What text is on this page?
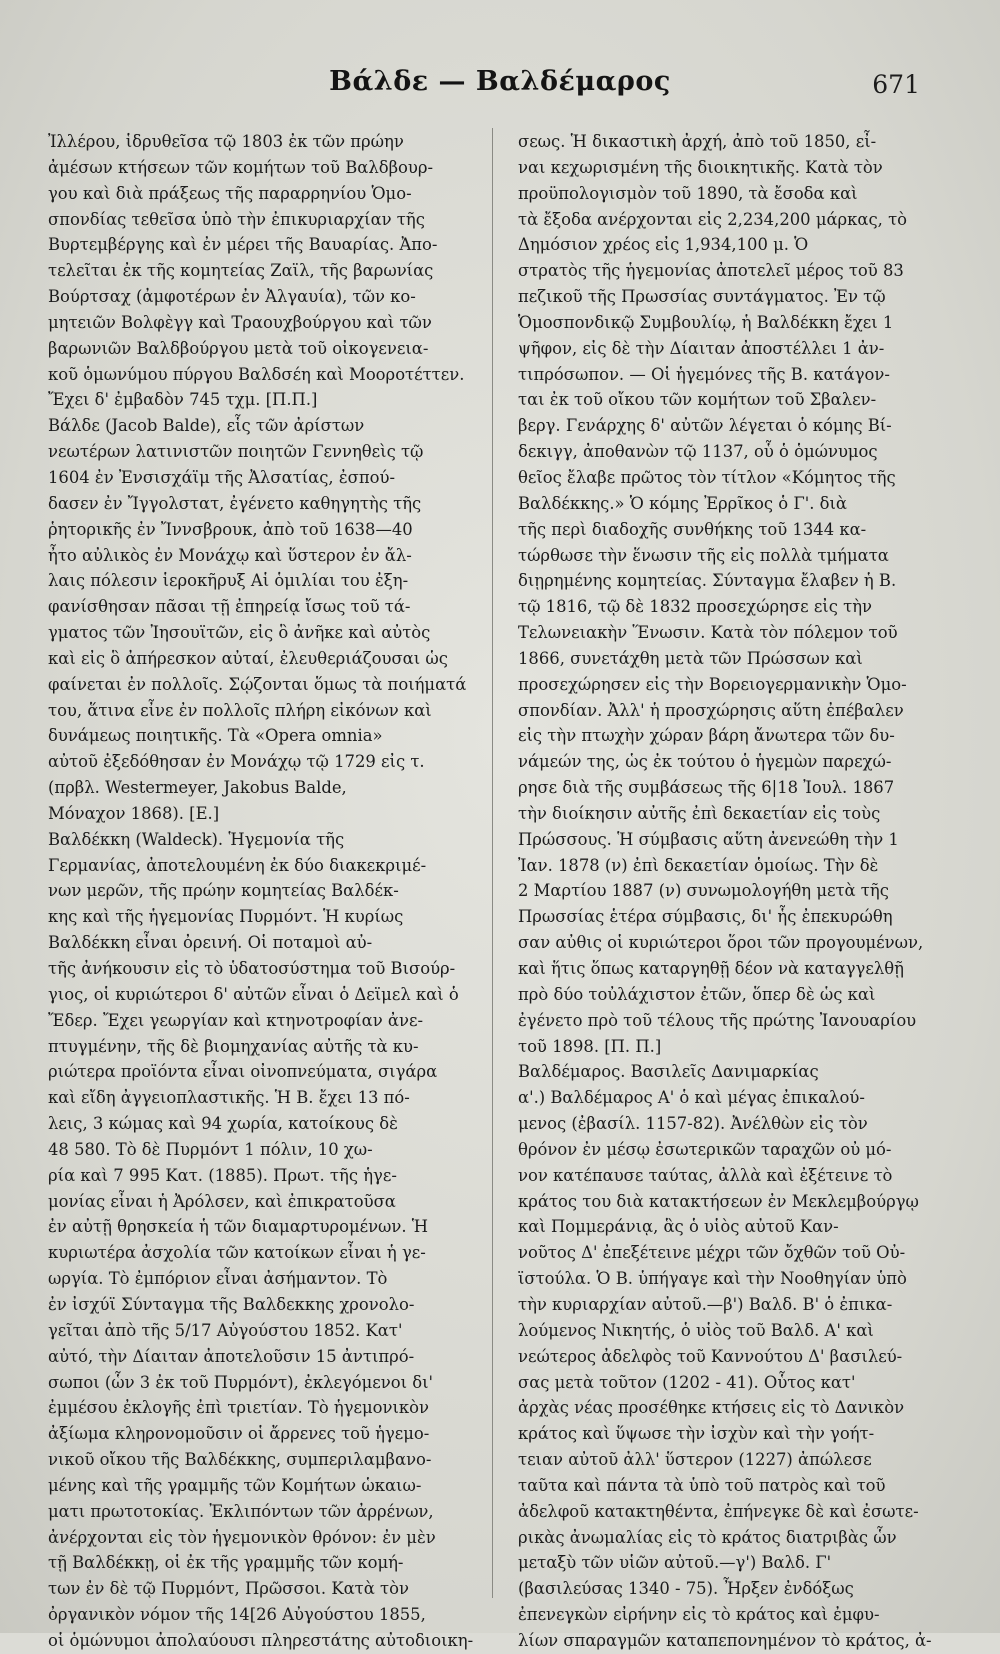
Βάλδε — Βαλδέμαρος	671
Ἰλλέρου, ἱδρυθεῖσα τῷ 1803 ἐκ τῶν πρώην
ἀμέσων κτήσεων τῶν κομήτων τοῦ Βαλδβουρ-
γου καὶ διὰ πράξεως τῆς παραρρηνίου Ὁμο-
σπονδίας τεθεῖσα ὑπὸ τὴν ἐπικυριαρχίαν τῆς
Βυρτεμβέργης καὶ ἐν μέρει τῆς Βαυαρίας. Ἀπο-
τελεῖται ἐκ τῆς κομητείας Ζαϊλ, τῆς βαρωνίας
Βούρτσαχ (ἀμφοτέρων ἐν Ἀλγαυία), τῶν κο-
μητειῶν Βολφὲγγ καὶ Τραουχβούργου καὶ τῶν
βαρωνιῶν Βαλδβούργου μετὰ τοῦ οἰκογενεια-
κοῦ ὁμωνύμου πύργου Βαλδσέη καὶ Μοοροτέττεν.
Ἔχει δ' ἐμβαδὸν 745 τχμ. [Π.Π.]
Βάλδε (Jacob Balde), εἷς τῶν ἀρίστων
νεωτέρων λατινιστῶν ποιητῶν Γεννηθεὶς τῷ
1604 ἐν Ἐνσισχάϊμ τῆς Ἀλσατίας, ἐσπού-
δασεν ἐν Ἴγγολστατ, ἐγένετο καθηγητὴς τῆς
ῥητορικῆς ἐν Ἴννσβρουκ, ἀπὸ τοῦ 1638—40
ἦτο αὐλικὸς ἐν Μονάχῳ καὶ ὕστερον ἐν ἄλ-
λαις πόλεσιν ἱεροκῆρυξ Αἱ ὁμιλίαι του ἐξη-
φανίσθησαν πᾶσαι τῇ ἐπηρείᾳ ἴσως τοῦ τά-
γματος τῶν Ἰησουϊτῶν, εἰς ὃ ἀνῆκε καὶ αὐτὸς
καὶ εἰς ὃ ἀπήρεσκον αὐταί, ἐλευθεριάζουσαι ὡς
φαίνεται ἐν πολλοῖς. Σῴζονται ὅμως τὰ ποιήματά
του, ἅτινα εἶνε ἐν πολλοῖς πλήρη εἰκόνων καὶ
δυνάμεως ποιητικῆς. Τὰ «Opera omnia»
αὐτοῦ ἐξεδόθησαν ἐν Μονάχῳ τῷ 1729 εἰς τ.
(πρβλ. Westermeyer, Jakobus Balde,
Μόναχον 1868). [Ε.]
Βαλδέκκη (Waldeck). Ἡγεμονία τῆς
Γερμανίας, ἀποτελουμένη ἐκ δύο διακεκριμέ-
νων μερῶν, τῆς πρώην κομητείας Βαλδέκ-
κης καὶ τῆς ἡγεμονίας Πυρμόντ. Ἡ κυρίως
Βαλδέκκη εἶναι ὀρεινή. Οἱ ποταμοὶ αὐ-
τῆς ἀνήκουσιν εἰς τὸ ὑδατοσύστημα τοῦ Βισούρ-
γιος, οἱ κυριώτεροι δ' αὐτῶν εἶναι ὁ Δεϊμελ καὶ ὁ
Ἔδερ. Ἔχει γεωργίαν καὶ κτηνοτροφίαν ἀνε-
πτυγμένην, τῆς δὲ βιομηχανίας αὐτῆς τὰ κυ-
ριώτερα προϊόντα εἶναι οἰνοπνεύματα, σιγάρα
καὶ εἴδη ἀγγειοπλαστικῆς. Ἡ Β. ἔχει 13 πό-
λεις, 3 κώμας καὶ 94 χωρία, κατοίκους δὲ
48 580. Τὸ δὲ Πυρμόντ 1 πόλιν, 10 χω-
ρία καὶ 7 995 Κατ. (1885). Πρωτ. τῆς ἡγε-
μονίας εἶναι ἡ Ἀρόλσεν, καὶ ἐπικρατοῦσα
ἐν αὐτῇ θρησκεία ἡ τῶν διαμαρτυρομένων. Ἡ
κυριωτέρα ἀσχολία τῶν κατοίκων εἶναι ἡ γε-
ωργία. Τὸ ἐμπόριον εἶναι ἀσήμαντον. Τὸ
ἐν ἰσχύϊ Σύνταγμα τῆς Βαλδεκκης χρονολο-
γεῖται ἀπὸ τῆς 5/17 Αὐγούστου 1852. Κατ'
αὐτό, τὴν Δίαιταν ἀποτελοῦσιν 15 ἀντιπρό-
σωποι (ὧν 3 ἐκ τοῦ Πυρμόντ), ἐκλεγόμενοι δι'
ἐμμέσου ἐκλογῆς ἐπὶ τριετίαν. Τὸ ἡγεμονικὸν
ἀξίωμα κληρονομοῦσιν οἱ ἄρρενες τοῦ ἡγεμο-
νικοῦ οἴκου τῆς Βαλδέκκης, συμπεριλαμβανο-
μένης καὶ τῆς γραμμῆς τῶν Κομήτων ὡκαιω-
ματι πρωτοτοκίας. Ἐκλιπόντων τῶν ἀρρένων,
ἀνέρχονται εἰς τὸν ἡγεμονικὸν θρόνον: ἐν μὲν
τῇ Βαλδέκκῃ, οἱ ἐκ τῆς γραμμῆς τῶν κομή-
των ἐν δὲ τῷ Πυρμόντ, Πρῶσσοι. Κατὰ τὸν
ὀργανικὸν νόμον τῆς 14[26 Αὐγούστου 1855,
οἱ ὁμώνυμοι ἀπολαύουσι πληρεστάτης αὐτοδιοικη-
σεως. Ἡ δικαστικὴ ἀρχή, ἀπὸ τοῦ 1850, εἶ-
ναι κεχωρισμένη τῆς διοικητικῆς. Κατὰ τὸν
προϋπολογισμὸν τοῦ 1890, τὰ ἔσοδα καὶ
τὰ ἔξοδα ανέρχονται εἰς 2,234,200 μάρκας, τὸ
Δημόσιον χρέος εἰς 1,934,100 μ. Ὁ
στρατὸς τῆς ἡγεμονίας ἀποτελεῖ μέρος τοῦ 83
πεζικοῦ τῆς Πρωσσίας συντάγματος. Ἐν τῷ
Ὁμοσπονδικῷ Συμβουλίῳ, ἡ Βαλδέκκη ἔχει 1
ψῆφον, εἰς δὲ τὴν Δίαιταν ἀποστέλλει 1 ἀν-
τιπρόσωπον. — Οἱ ἡγεμόνες τῆς Β. κατάγον-
ται ἐκ τοῦ οἴκου τῶν κομήτων τοῦ Σβαλεν-
βεργ. Γενάρχης δ' αὐτῶν λέγεται ὁ κόμης Βί-
δεκιγγ, ἀποθανὼν τῷ 1137, οὗ ὁ ὁμώνυμος
θεῖος ἔλαβε πρῶτος τὸν τίτλον «Κόμητος τῆς
Βαλδέκκης.» Ὁ κόμης Ἐρρῖκος ὁ Γ'. διὰ
τῆς περὶ διαδοχῆς συνθήκης τοῦ 1344 κα-
τώρθωσε τὴν ἕνωσιν τῆς εἰς πολλὰ τμήματα
διῃρημένης κομητείας. Σύνταγμα ἔλαβεν ἡ Β.
τῷ 1816, τῷ δὲ 1832 προσεχώρησε εἰς τὴν
Τελωνειακὴν Ἕνωσιν. Κατὰ τὸν πόλεμον τοῦ
1866, συνετάχθη μετὰ τῶν Πρώσσων καὶ
προσεχώρησεν εἰς τὴν Βορειογερμανικὴν Ὁμο-
σπονδίαν. Ἀλλ' ἡ προσχώρησις αὕτη ἐπέβαλεν
εἰς τὴν πτωχὴν χώραν βάρη ἄνωτερα τῶν δυ-
νάμεών της, ὡς ἐκ τούτου ὁ ἡγεμὼν παρεχώ-
ρησε διὰ τῆς συμβάσεως τῆς 6|18 Ἰουλ. 1867
τὴν διοίκησιν αὐτῆς ἐπὶ δεκαετίαν εἰς τοὺς
Πρώσσους. Ἡ σύμβασις αὕτη ἀνενεώθη τὴν 1
Ἰαν. 1878 (ν) ἐπὶ δεκαετίαν ὁμοίως. Τὴν δὲ
2 Μαρτίου 1887 (ν) συνωμολογήθη μετὰ τῆς
Πρωσσίας ἑτέρα σύμβασις, δι' ἧς ἐπεκυρώθη
σαν αὐθις οἱ κυριώτεροι ὅροι τῶν προγουμένων,
καὶ ἥτις ὅπως καταργηθῇ δέον νὰ καταγγελθῇ
πρὸ δύο τοὐλάχιστον ἐτῶν, ὅπερ δὲ ὡς καὶ
ἐγένετο πρὸ τοῦ τέλους τῆς πρώτης Ἰανουαρίου
τοῦ 1898. [Π. Π.]
Βαλδέμαρος. Βασιλεῖς Δανιμαρκίας
α'.) Βαλδέμαρος Α' ὁ καὶ μέγας ἐπικαλού-
μενος (ἐβασίλ. 1157-82). Ἀνέλθὼν εἰς τὸν
θρόνον ἐν μέσῳ ἐσωτερικῶν ταραχῶν οὐ μό-
νον κατέπαυσε ταύτας, ἀλλὰ καὶ ἐξέτεινε τὸ
κράτος του διὰ κατακτήσεων ἐν Μεκλεμβούργῳ
καὶ Πομμεράνιᾳ, ἃς ὁ υἱὸς αὐτοῦ Καν-
νοῦτος Δ' ἐπεξέτεινε μέχρι τῶν ὄχθῶν τοῦ Οὐ-
ϊστούλα. Ὁ Β. ὑπήγαγε καὶ τὴν Νοοθηγίαν ὑπὸ
τὴν κυριαρχίαν αὐτοῦ.—β') Βαλδ. Β' ὁ ἐπικα-
λούμενος Νικητής, ὁ υἱὸς τοῦ Βαλδ. Α' καὶ
νεώτερος ἀδελφὸς τοῦ Καννούτου Δ' βασιλεύ-
σας μετὰ τοῦτον (1202 - 41). Οὗτος κατ'
ἀρχὰς νέας προσέθηκε κτήσεις εἰς τὸ Δανικὸν
κράτος καὶ ὕψωσε τὴν ἰσχὺν καὶ τὴν γοήτ-
τειαν αὐτοῦ ἀλλ' ὕστερον (1227) ἀπώλεσε
ταῦτα καὶ πάντα τὰ ὑπὸ τοῦ πατρὸς καὶ τοῦ
ἀδελφοῦ κατακτηθέντα, ἐπήνεγκε δὲ καὶ ἐσωτε-
ρικὰς ἀνωμαλίας εἰς τὸ κράτος διατριβὰς ὧν
μεταξὺ τῶν υἱῶν αὐτοῦ.—γ') Βαλδ. Γ'
(βασιλεύσας 1340 - 75). Ἦρξεν ἐνδόξως
ἐπενεγκὼν εἰρήνην εἰς τὸ κράτος καὶ ἐμφυ-
λίων σπαραγμῶν καταπεπονημένον τὸ κράτος, ἀ-
